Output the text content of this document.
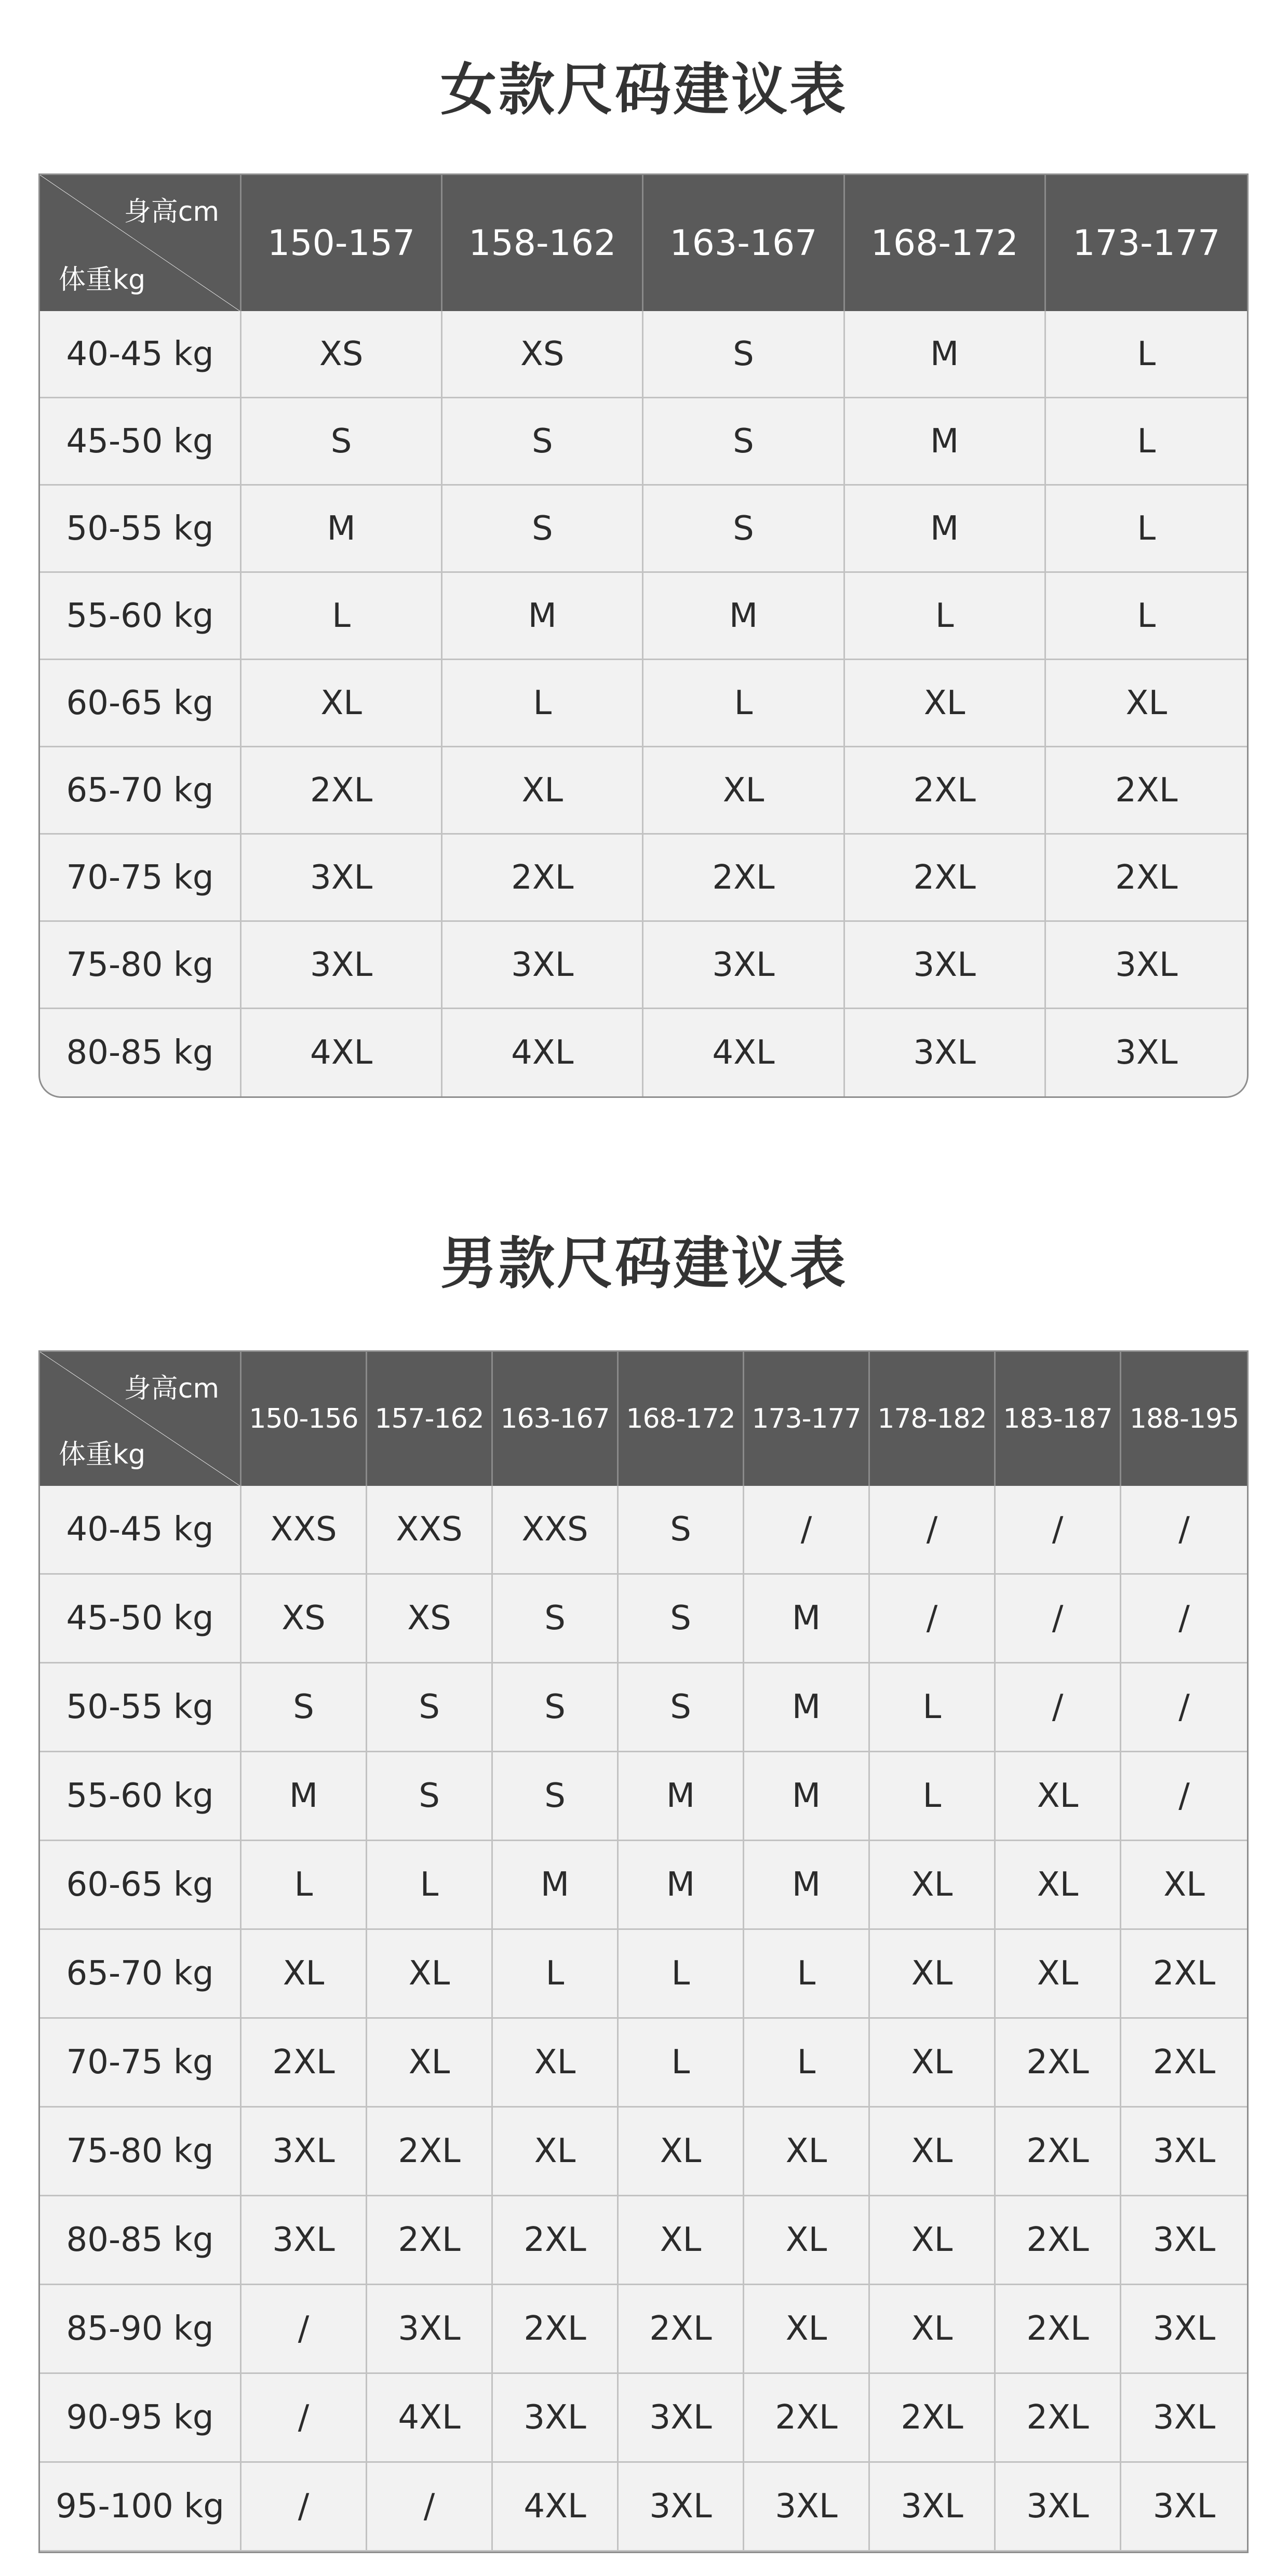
女款尺码建议表
身高cm
体重kg	150-157	158-162	163-167	168-172	173-177
40-45 kg	XS	XS	S	M	L
45-50 kg	S	S	S	M	L
50-55 kg	M	S	S	M	L
55-60 kg	L	M	M	L	L
60-65 kg	XL	L	L	XL	XL
65-70 kg	2XL	XL	XL	2XL	2XL
70-75 kg	3XL	2XL	2XL	2XL	2XL
75-80 kg	3XL	3XL	3XL	3XL	3XL
80-85 kg	4XL	4XL	4XL	3XL	3XL
男款尺码建议表
身高cm
体重kg	150-156	157-162	163-167	168-172	173-177	178-182	183-187	188-195
40-45 kg	XXS	XXS	XXS	S	/	/	/	/
45-50 kg	XS	XS	S	S	M	/	/	/
50-55 kg	S	S	S	S	M	L	/	/
55-60 kg	M	S	S	M	M	L	XL	/
60-65 kg	L	L	M	M	M	XL	XL	XL
65-70 kg	XL	XL	L	L	L	XL	XL	2XL
70-75 kg	2XL	XL	XL	L	L	XL	2XL	2XL
75-80 kg	3XL	2XL	XL	XL	XL	XL	2XL	3XL
80-85 kg	3XL	2XL	2XL	XL	XL	XL	2XL	3XL
85-90 kg	/	3XL	2XL	2XL	XL	XL	2XL	3XL
90-95 kg	/	4XL	3XL	3XL	2XL	2XL	2XL	3XL
95-100 kg	/	/	4XL	3XL	3XL	3XL	3XL	3XL
